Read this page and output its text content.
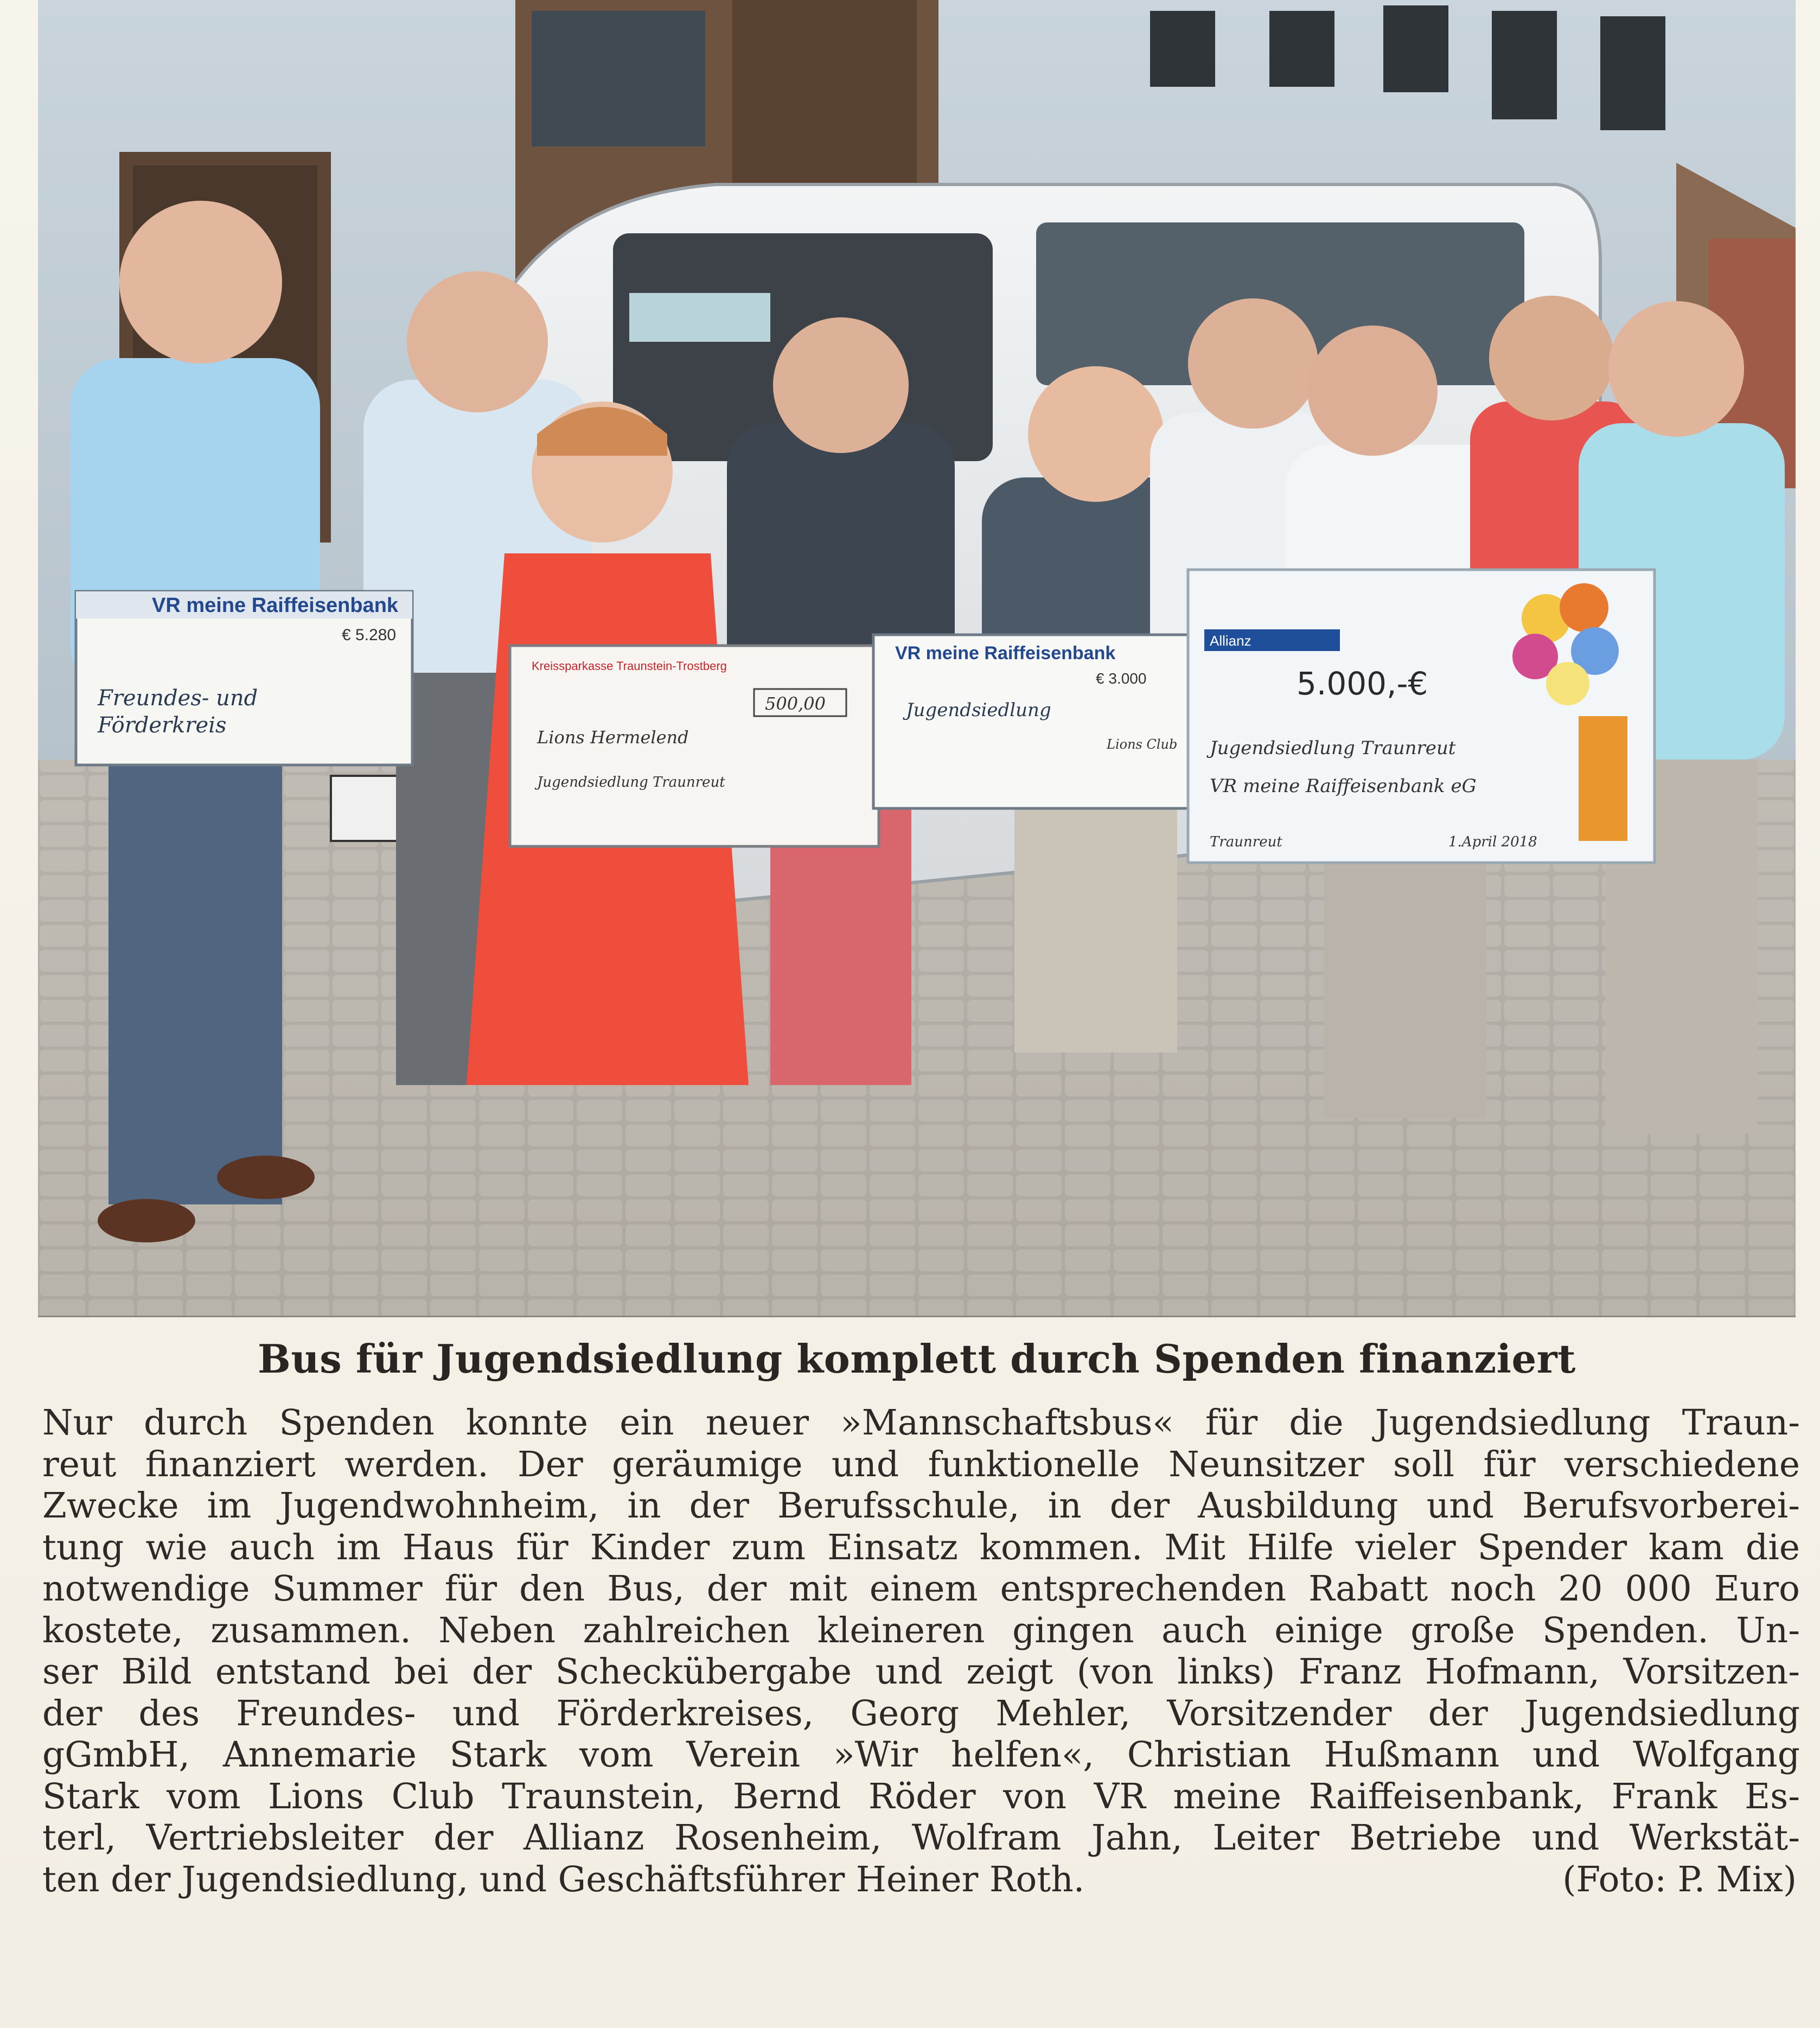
VR meine Raiffeisenbank
€ 5.280
Freundes- und
Förderkreis
Kreissparkasse Traunstein-Trostberg
500,00
Lions Hermelend
Jugendsiedlung Traunreut
VR meine Raiffeisenbank
€ 3.000
Jugendsiedlung
Lions Club
Allianz
5.000,-€
Jugendsiedlung Traunreut
VR meine Raiffeisenbank eG
Traunreut	1.April 2018
Bus für Jugendsiedlung komplett durch Spenden finanziert
Nur durch Spenden konnte ein neuer »Mannschaftsbus« für die Jugendsiedlung Traun-
reut finanziert werden. Der geräumige und funktionelle Neunsitzer soll für verschiedene
Zwecke im Jugendwohnheim, in der Berufsschule, in der Ausbildung und Berufsvorberei-
tung wie auch im Haus für Kinder zum Einsatz kommen. Mit Hilfe vieler Spender kam die
notwendige Summer für den Bus, der mit einem entsprechenden Rabatt noch 20 000 Euro
kostete, zusammen. Neben zahlreichen kleineren gingen auch einige große Spenden. Un-
ser Bild entstand bei der Scheckübergabe und zeigt (von links) Franz Hofmann, Vorsitzen-
der des Freundes- und Förderkreises, Georg Mehler, Vorsitzender der Jugendsiedlung
gGmbH, Annemarie Stark vom Verein »Wir helfen«, Christian Hußmann und Wolfgang
Stark vom Lions Club Traunstein, Bernd Röder von VR meine Raiffeisenbank, Frank Es-
terl, Vertriebsleiter der Allianz Rosenheim, Wolfram Jahn, Leiter Betriebe und Werkstät-
ten der Jugendsiedlung, und Geschäftsführer Heiner Roth.	(Foto: P. Mix)
